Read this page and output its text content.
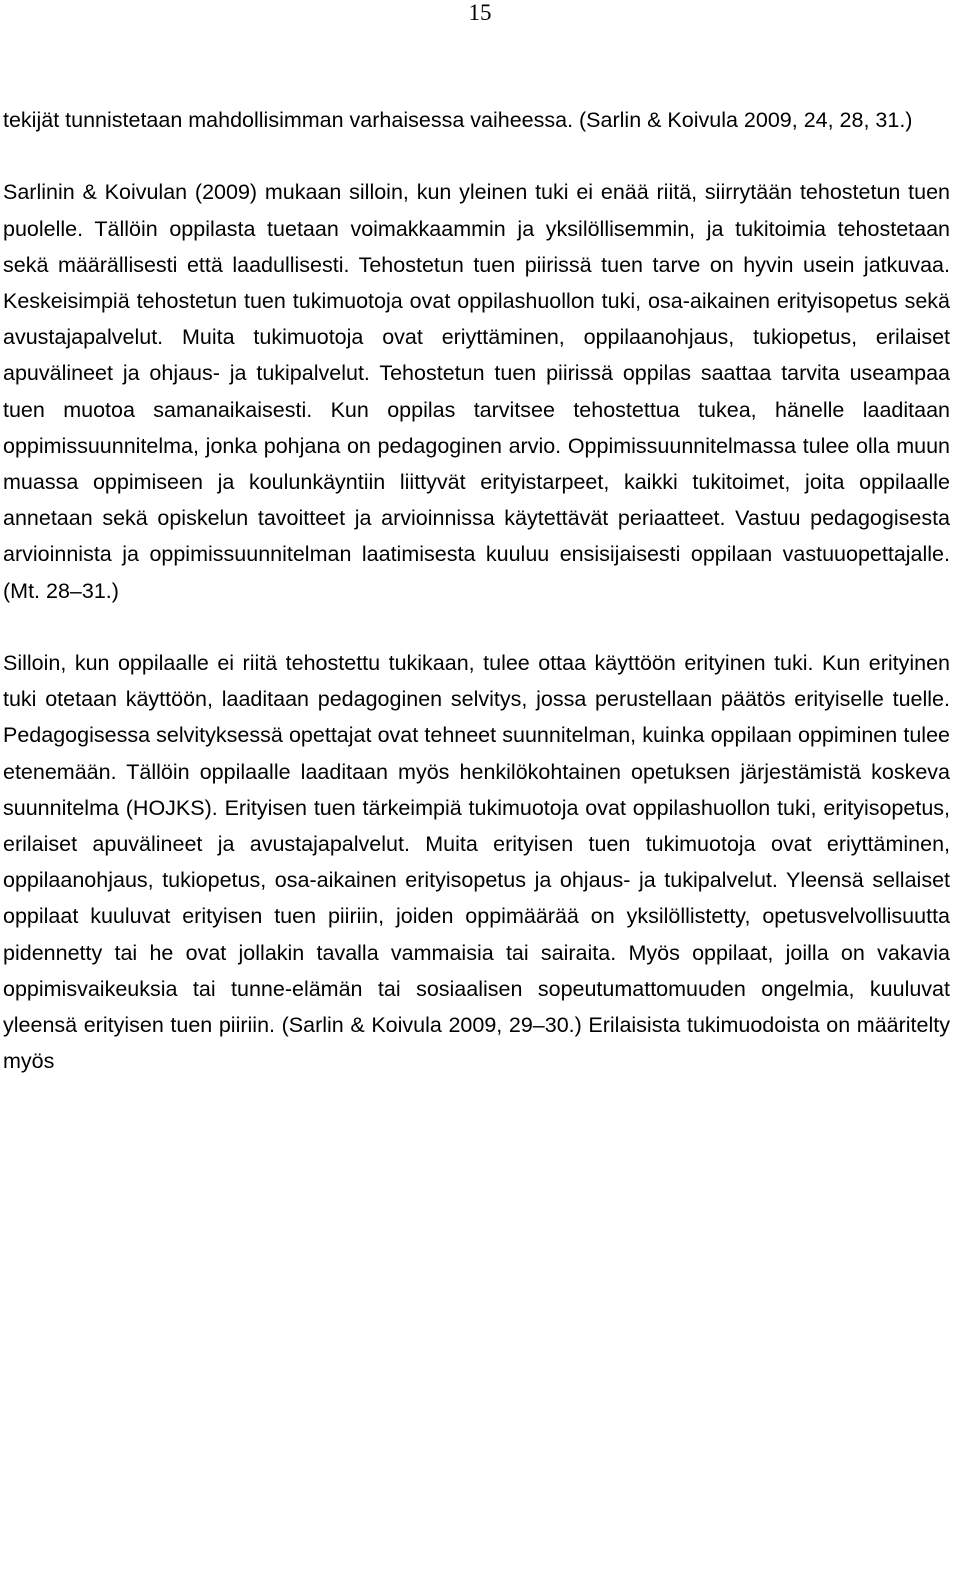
15

tekijät tunnistetaan mahdollisimman varhaisessa vaiheessa. (Sarlin & Koivula 2009, 24, 28, 31.)

Sarlinin & Koivulan (2009) mukaan silloin, kun yleinen tuki ei enää riitä, siirrytään tehostetun tuen puolelle. Tällöin oppilasta tuetaan voimakkaammin ja yksilöllisemmin, ja tukitoimia tehostetaan sekä määrällisesti että laadullisesti. Tehostetun tuen piirissä tuen tarve on hyvin usein jatkuvaa. Keskeisimpiä tehostetun tuen tukimuotoja ovat oppilashuollon tuki, osa-aikainen erityisopetus sekä avustajapalvelut. Muita tukimuotoja ovat eriyttäminen, oppilaanohjaus, tukiopetus, erilaiset apuvälineet ja ohjaus- ja tukipalvelut. Tehostetun tuen piirissä oppilas saattaa tarvita useampaa tuen muotoa samanaikaisesti. Kun oppilas tarvitsee tehostettua tukea, hänelle laaditaan oppimissuunnitelma, jonka pohjana on pedagoginen arvio. Oppimissuunnitelmassa tulee olla muun muassa oppimiseen ja koulunkäyntiin liittyvät erityistarpeet, kaikki tukitoimet, joita oppilaalle annetaan sekä opiskelun tavoitteet ja arvioinnissa käytettävät periaatteet. Vastuu pedagogisesta arvioinnista ja oppimissuunnitelman laatimisesta kuuluu ensisijaisesti oppilaan vastuuopettajalle. (Mt. 28–31.)

Silloin, kun oppilaalle ei riitä tehostettu tukikaan, tulee ottaa käyttöön erityinen tuki. Kun erityinen tuki otetaan käyttöön, laaditaan pedagoginen selvitys, jossa perustellaan päätös erityiselle tuelle. Pedagogisessa selvityksessä opettajat ovat tehneet suunnitelman, kuinka oppilaan oppiminen tulee etenemään. Tällöin oppilaalle laaditaan myös henkilökohtainen opetuksen järjestämistä koskeva suunnitelma (HOJKS). Erityisen tuen tärkeimpiä tukimuotoja ovat oppilashuollon tuki, erityisopetus, erilaiset apuvälineet ja avustajapalvelut. Muita erityisen tuen tukimuotoja ovat eriyttäminen, oppilaanohjaus, tukiopetus, osa-aikainen erityisopetus ja ohjaus- ja tukipalvelut. Yleensä sellaiset oppilaat kuuluvat erityisen tuen piiriin, joiden oppimäärää on yksilöllistetty, opetusvelvollisuutta pidennetty tai he ovat jollakin tavalla vammaisia tai sairaita. Myös oppilaat, joilla on vakavia oppimisvaikeuksia tai tunne-elämän tai sosiaalisen sopeutumattomuuden ongelmia, kuuluvat yleensä erityisen tuen piiriin. (Sarlin & Koivula 2009, 29–30.) Erilaisista tukimuodoista on määritelty myös
